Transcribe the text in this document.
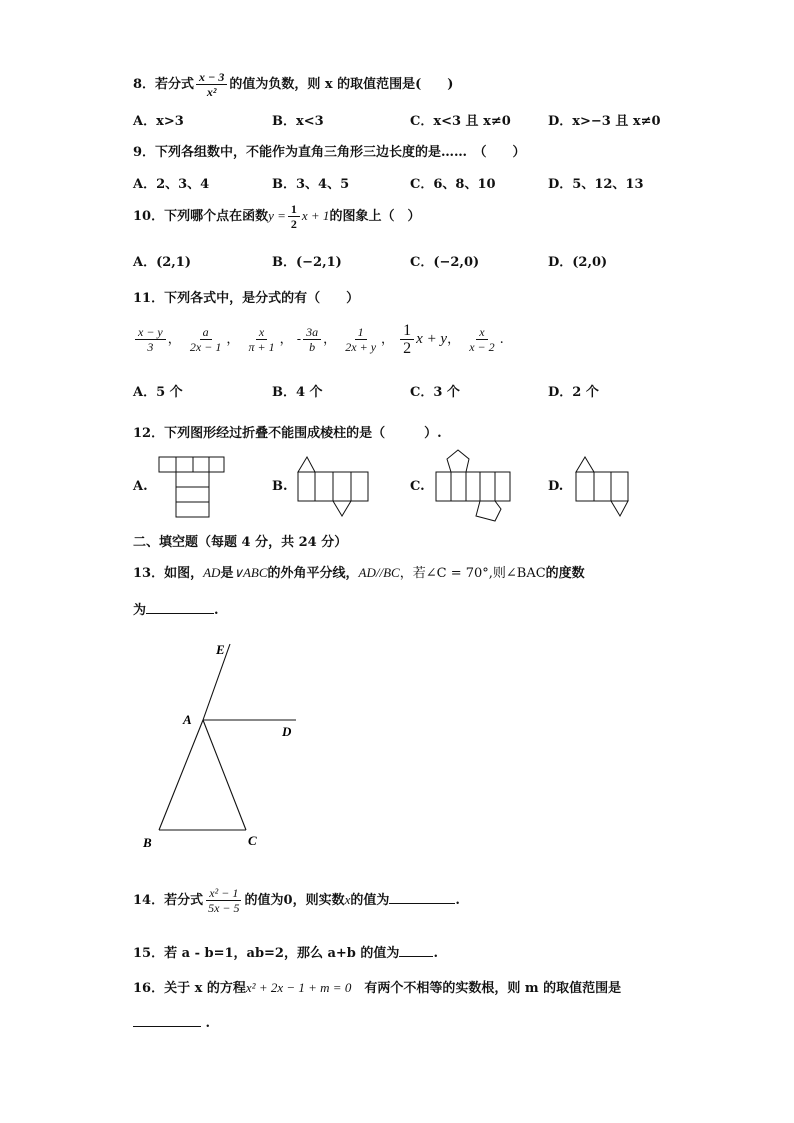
8．若分式 $\frac{x - 3}{\text{x²}}$ 的值为负数，则 x 的取值范围是(　　)
A．x>3	B．x<3	C．x<3 且 x≠0	D．x>−3 且 x≠0
9．下列各组数中，不能作为直角三角形三边长度的是……　（　　）
A．2、3、4	B．3、4、5	C．6、8、10	D．5、12、13
10．下列哪个点在函数$y = \frac{1}{2}$ x + 1的图象上（　）
A．(2,1)	B．(−2,1)	C．(−2,0)	D．(2,0)
11．下列各式中，是分式的有（　　）
$\frac{x - y}{3}$ ， $\frac{a}{2x - 1}$ ， $\frac{x}{\pi + 1}$ ， - $\frac{3a}{b}$ ， $\frac{1}{2x + y}$ ， $\frac{1}{2}$ x + y， $\frac{x}{x - 2}$ .
A．5 个	B．4 个	C．3 个	D．2 个
12．下列图形经过折叠不能围成棱柱的是（　　　）.
A.	B.	C.	D.
二、填空题（每题 4 分，共 24 分）
13．如图，AD是∨ABC的外角平分线，AD//BC，若∠C = 70°,则∠BAC的度数
为	.
E
A
D
B	C
14．若分式 $\frac{\text{x² − 1}}{5x - 5}$ 的值为0，则实数x的值为	.
15．若 a - b=1，ab=2，那么 a+b 的值为	.
16．关于 x 的方程x² + 2x − 1 + m = 0　 有两个不相等的实数根，则 m 的取值范围是
.
